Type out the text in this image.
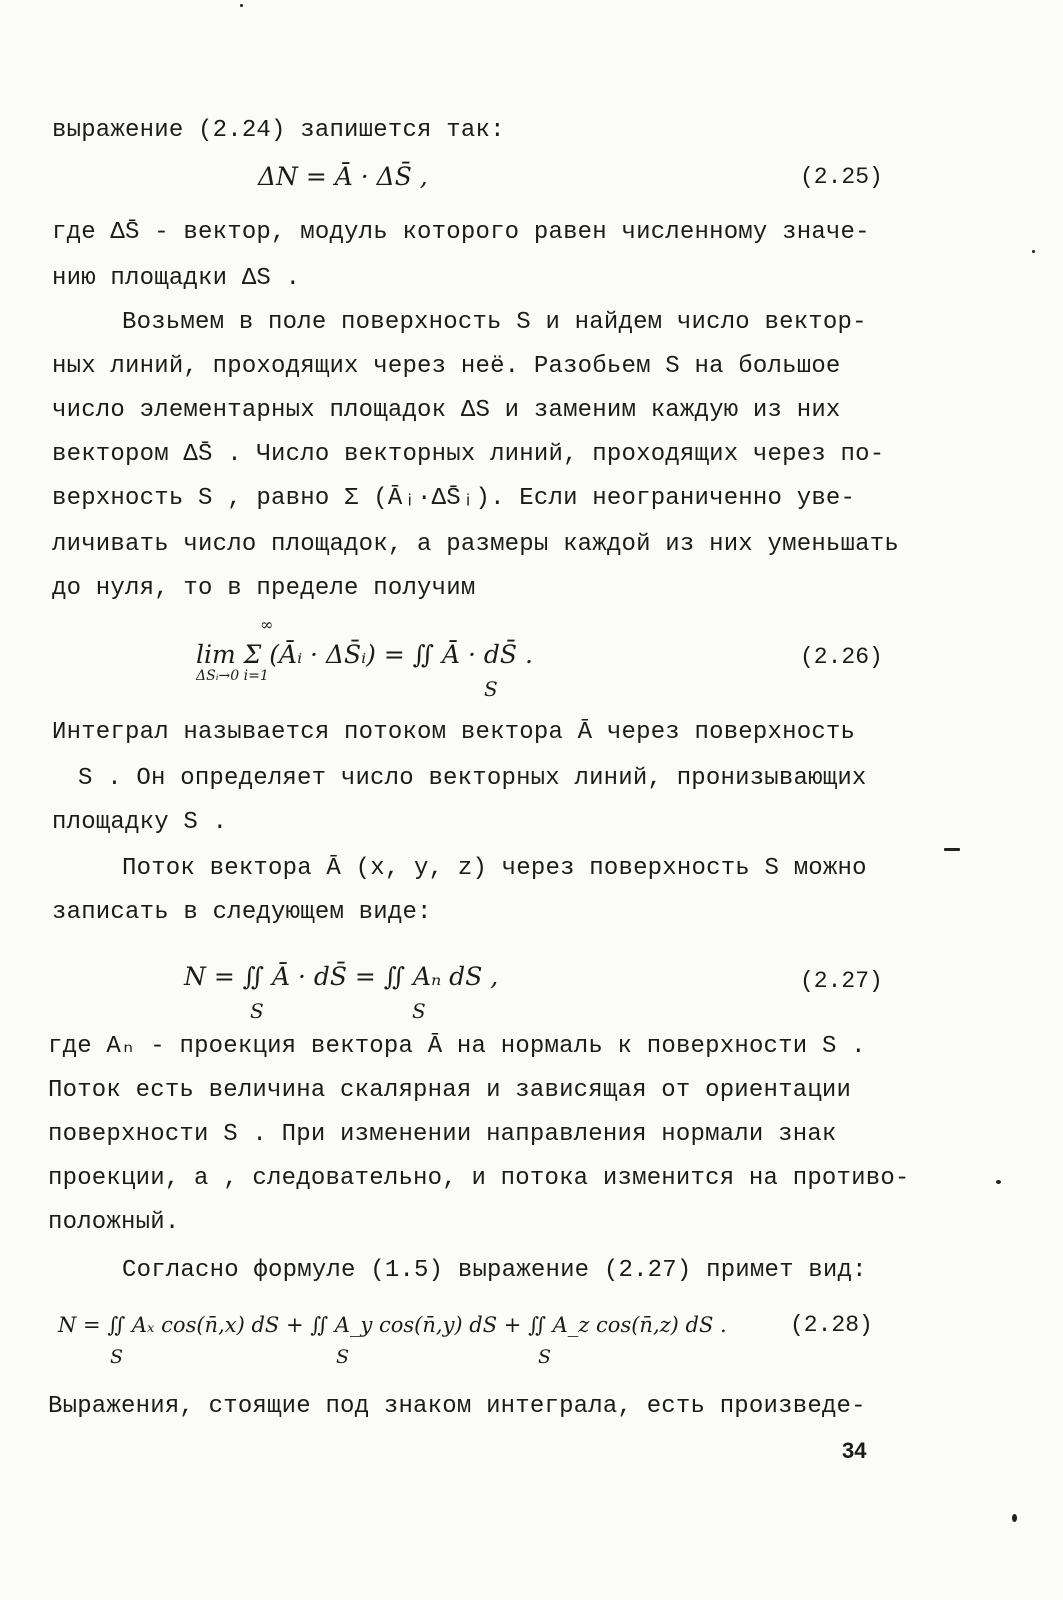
выражение (2.24) запишется так:
ΔN = Ā · ΔS̄ ,	(2.25)
где ΔS̄ - вектор, модуль которого равен численному значе-
нию площадки ΔS .
Возьмем в поле поверхность S и найдем число вектор-
ных линий, проходящих через неё. Разобьем S на большое
число элементарных площадок ΔS и заменим каждую из них
вектором ΔS̄ . Число векторных линий, проходящих через по-
верхность S , равно Σ (Āᵢ·ΔS̄ᵢ). Если неограниченно уве-
личивать число площадок, а размеры каждой из них уменьшать
до нуля, то в пределе получим
lim Σ (Āᵢ · ΔS̄ᵢ) = ∬ Ā · dS̄ .
∞
ΔSᵢ→0 i=1
S
(2.26)
Интеграл называется потоком вектора Ā через поверхность
S . Он определяет число векторных линий, пронизывающих
площадку S .
Поток вектора Ā (x, y, z) через поверхность S можно
записать в следующем виде:
N = ∬ Ā · dS̄ = ∬ Aₙ dS ,
S	S
(2.27)
где Aₙ - проекция вектора Ā на нормаль к поверхности S .
Поток есть величина скалярная и зависящая от ориентации
поверхности S . При изменении направления нормали знак
проекции, а , следовательно, и потока изменится на противо-
положный.
Согласно формуле (1.5) выражение (2.27) примет вид:
N = ∬ Aₓ cos(n̄,x) dS + ∬ A_y cos(n̄,y) dS + ∬ A_z cos(n̄,z) dS .
S	S	S
(2.28)
Выражения, стоящие под знаком интеграла, есть произведе-
34
